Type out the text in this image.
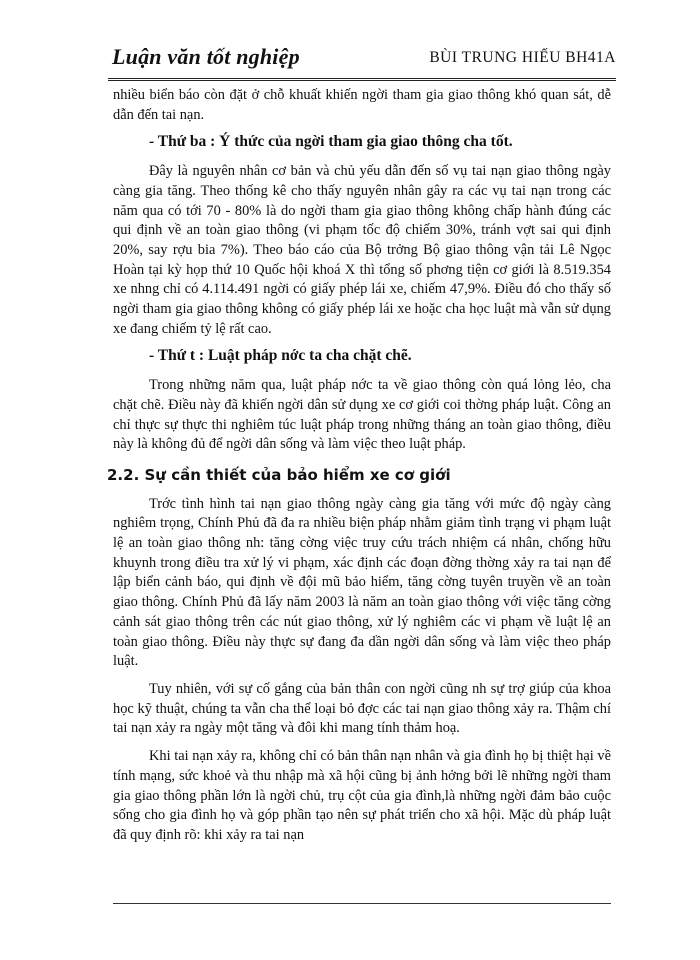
Luận văn tốt nghiệp	BÙI TRUNG HIẾU BH41A

nhiều biển báo còn đặt ở chỗ khuất khiến ngời tham gia giao thông khó quan sát, dễ dẫn đến tai nạn.

- Thứ ba : Ý thức của ngời tham gia giao thông cha tốt.

Đây là nguyên nhân cơ bản và chủ yếu dẫn đến số vụ tai nạn giao thông ngày càng gia tăng. Theo thống kê cho thấy nguyên nhân gây ra các vụ tai nạn trong các năm qua có tới 70 - 80% là do ngời tham gia giao thông không chấp hành đúng các qui định về an toàn giao thông (vi phạm tốc độ chiếm 30%, tránh vợt sai qui định 20%, say rợu bia 7%). Theo báo cáo của Bộ trởng Bộ giao thông vận tải Lê Ngọc Hoàn tại kỳ họp thứ 10 Quốc hội khoá X thì tổng số phơng tiện cơ giới là 8.519.354 xe nhng chỉ có 4.114.491 ngời có giấy phép lái xe, chiếm 47,9%. Điều đó cho thấy số ngời tham gia giao thông không có giấy phép lái xe hoặc cha học luật mà vẫn sử dụng xe đang chiếm tỷ lệ rất cao.

- Thứ t : Luật pháp nớc ta cha chặt chẽ.

Trong những năm qua, luật pháp nớc ta về giao thông còn quá lỏng lẻo, cha chặt chẽ. Điều này đã khiến ngời dân sử dụng xe cơ giới coi thờng pháp luật. Công an chỉ thực sự thực thi nghiêm túc luật pháp trong những tháng an toàn giao thông, điều này là không đủ để ngời dân sống và làm việc theo luật pháp.

2.2. Sự cần thiết của bảo hiểm xe cơ giới

Trớc tình hình tai nạn giao thông ngày càng gia tăng với mức độ ngày càng nghiêm trọng, Chính Phủ đã đa ra nhiều biện pháp nhằm giảm tình trạng vi phạm luật lệ an toàn giao thông nh: tăng cờng việc truy cứu trách nhiệm cá nhân, chống hữu khuynh trong điều tra xử lý vi phạm, xác định các đoạn đờng thờng xảy ra tai nạn để lập biển cảnh báo, qui định về đội mũ bảo hiểm, tăng cờng tuyên truyền về an toàn giao thông. Chính Phủ đã lấy năm 2003 là năm an toàn giao thông với việc tăng cờng cảnh sát giao thông trên các nút giao thông, xử lý nghiêm các vi phạm về luật lệ an toàn giao thông. Điều này thực sự đang đa dần ngời dân sống và làm việc theo pháp luật.

Tuy nhiên, với sự cố gắng của bản thân con ngời cũng nh sự trợ giúp của khoa học kỹ thuật, chúng ta vẫn cha thể loại bỏ đợc các tai nạn giao thông xảy ra. Thậm chí tai nạn xảy ra ngày một tăng và đôi khi mang tính thảm hoạ.

Khi tai nạn xảy ra, không chỉ có bản thân nạn nhân và gia đình họ bị thiệt hại về tính mạng, sức khoẻ và thu nhập mà xã hội cũng bị ảnh hởng bởi lẽ những ngời tham gia giao thông phần lớn là ngời chủ, trụ cột của gia đình,là những ngời đảm bảo cuộc sống cho gia đình họ và góp phần tạo nên sự phát triển cho xã hội. Mặc dù pháp luật đã quy định rõ: khi xảy ra tai nạn
